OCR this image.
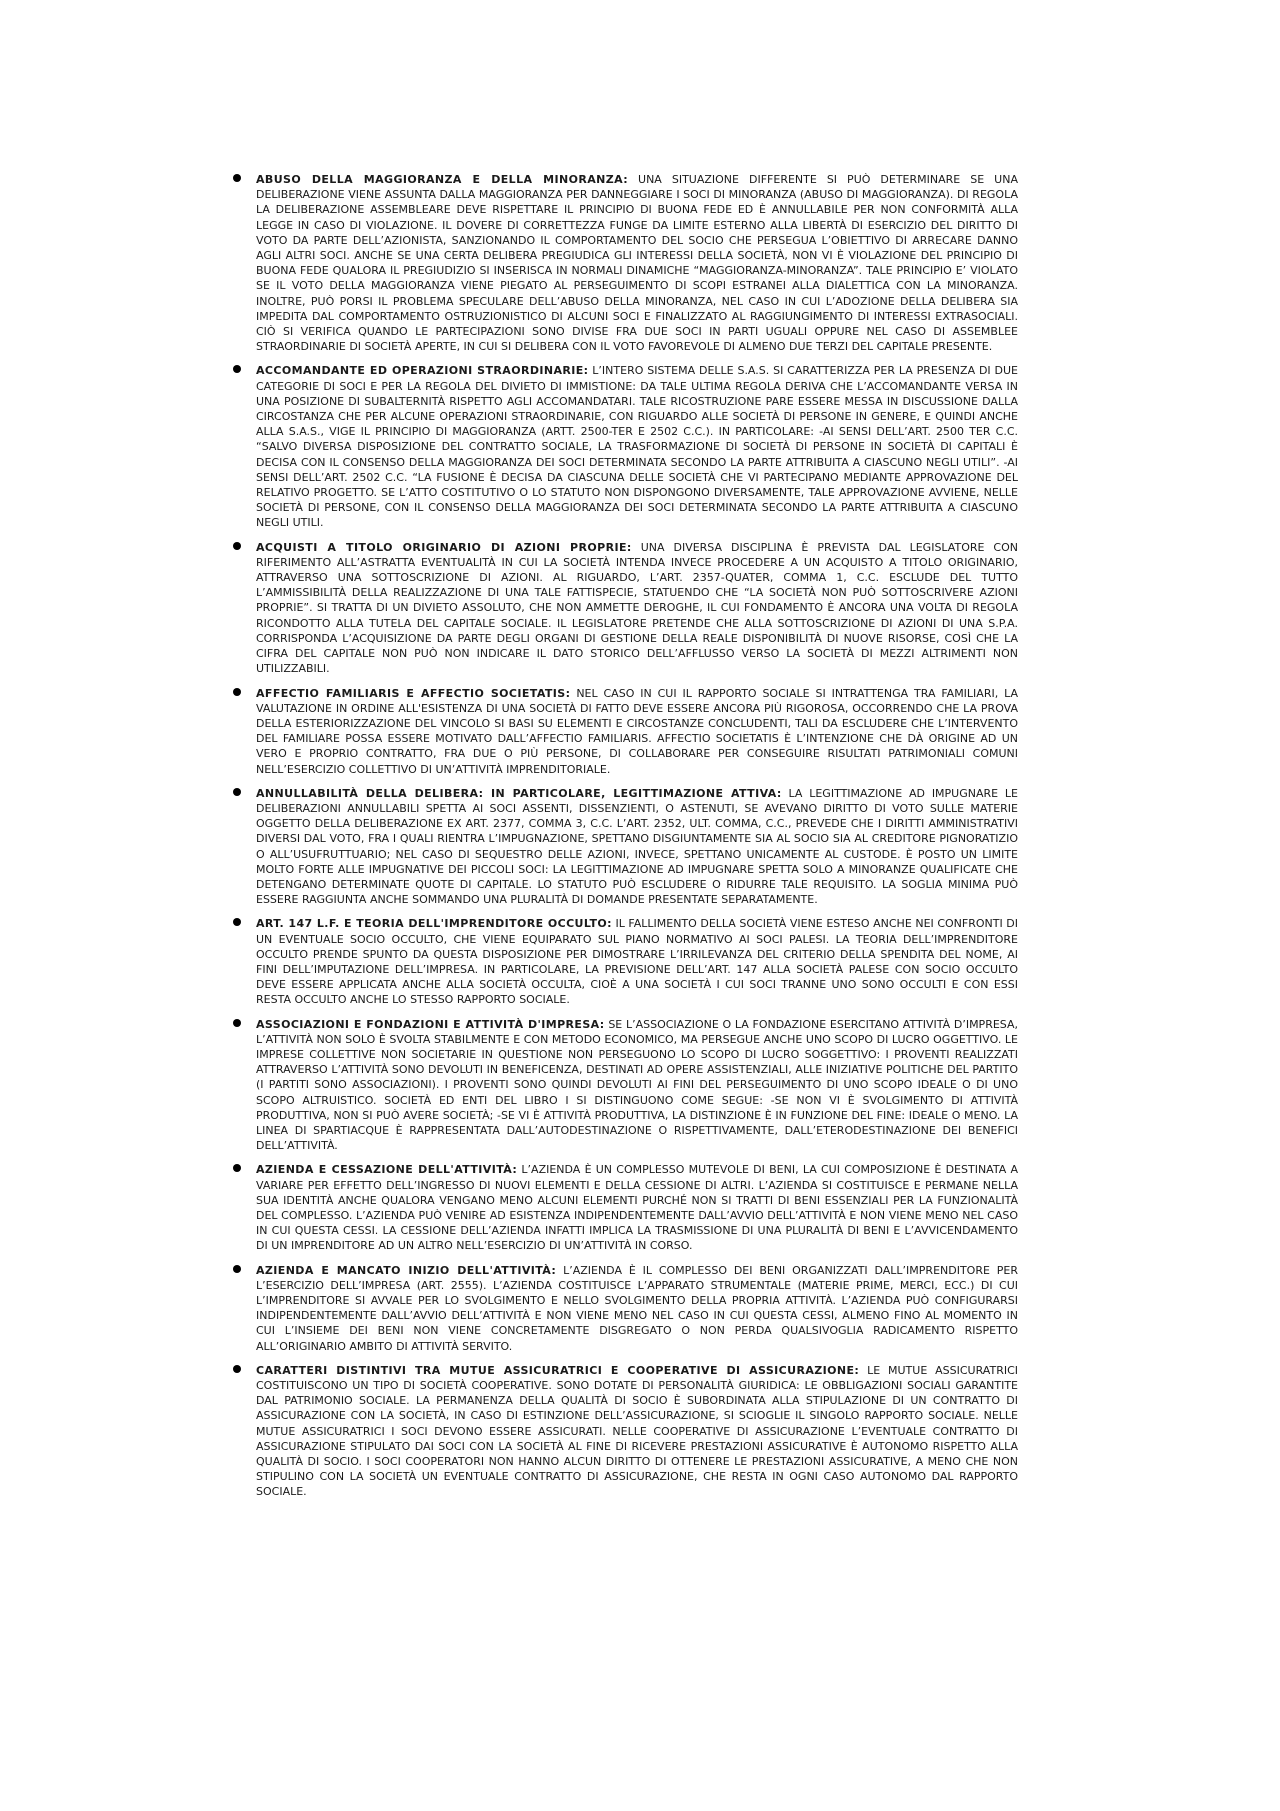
ABUSO DELLA MAGGIORANZA E DELLA MINORANZA: UNA SITUAZIONE DIFFERENTE SI PUÒ DETERMINARE SE UNA DELIBERAZIONE VIENE ASSUNTA DALLA MAGGIORANZA PER DANNEGGIARE I SOCI DI MINORANZA (ABUSO DI MAGGIORANZA). DI REGOLA LA DELIBERAZIONE ASSEMBLEARE DEVE RISPETTARE IL PRINCIPIO DI BUONA FEDE ED È ANNULLABILE PER NON CONFORMITÀ ALLA LEGGE IN CASO DI VIOLAZIONE. IL DOVERE DI CORRETTEZZA FUNGE DA LIMITE ESTERNO ALLA LIBERTÀ DI ESERCIZIO DEL DIRITTO DI VOTO DA PARTE DELL’AZIONISTA, SANZIONANDO IL COMPORTAMENTO DEL SOCIO CHE PERSEGUA L’OBIETTIVO DI ARRECARE DANNO AGLI ALTRI SOCI. ANCHE SE UNA CERTA DELIBERA PREGIUDICA GLI INTERESSI DELLA SOCIETÀ, NON VI È VIOLAZIONE DEL PRINCIPIO DI BUONA FEDE QUALORA IL PREGIUDIZIO SI INSERISCA IN NORMALI DINAMICHE “MAGGIORANZA-MINORANZA”. TALE PRINCIPIO E’ VIOLATO SE IL VOTO DELLA MAGGIORANZA VIENE PIEGATO AL PERSEGUIMENTO DI SCOPI ESTRANEI ALLA DIALETTICA CON LA MINORANZA. INOLTRE, PUÒ PORSI IL PROBLEMA SPECULARE DELL’ABUSO DELLA MINORANZA, NEL CASO IN CUI L’ADOZIONE DELLA DELIBERA SIA IMPEDITA DAL COMPORTAMENTO OSTRUZIONISTICO DI ALCUNI SOCI E FINALIZZATO AL RAGGIUNGIMENTO DI INTERESSI EXTRASOCIALI. CIÒ SI VERIFICA QUANDO LE PARTECIPAZIONI SONO DIVISE FRA DUE SOCI IN PARTI UGUALI OPPURE NEL CASO DI ASSEMBLEE STRAORDINARIE DI SOCIETÀ APERTE, IN CUI SI DELIBERA CON IL VOTO FAVOREVOLE DI ALMENO DUE TERZI DEL CAPITALE PRESENTE.
ACCOMANDANTE ED OPERAZIONI STRAORDINARIE: L’INTERO SISTEMA DELLE S.A.S. SI CARATTERIZZA PER LA PRESENZA DI DUE CATEGORIE DI SOCI E PER LA REGOLA DEL DIVIETO DI IMMISTIONE: DA TALE ULTIMA REGOLA DERIVA CHE L’ACCOMANDANTE VERSA IN UNA POSIZIONE DI SUBALTERNITÀ RISPETTO AGLI ACCOMANDATARI. TALE RICOSTRUZIONE PARE ESSERE MESSA IN DISCUSSIONE DALLA CIRCOSTANZA CHE PER ALCUNE OPERAZIONI STRAORDINARIE, CON RIGUARDO ALLE SOCIETÀ DI PERSONE IN GENERE, E QUINDI ANCHE ALLA S.A.S., VIGE IL PRINCIPIO DI MAGGIORANZA (ARTT. 2500-TER E 2502 C.C.). IN PARTICOLARE: -AI SENSI DELL’ART. 2500 TER C.C. “SALVO DIVERSA DISPOSIZIONE DEL CONTRATTO SOCIALE, LA TRASFORMAZIONE DI SOCIETÀ DI PERSONE IN SOCIETÀ DI CAPITALI È DECISA CON IL CONSENSO DELLA MAGGIORANZA DEI SOCI DETERMINATA SECONDO LA PARTE ATTRIBUITA A CIASCUNO NEGLI UTILI”. -AI SENSI DELL’ART. 2502 C.C. “LA FUSIONE È DECISA DA CIASCUNA DELLE SOCIETÀ CHE VI PARTECIPANO MEDIANTE APPROVAZIONE DEL RELATIVO PROGETTO. SE L’ATTO COSTITUTIVO O LO STATUTO NON DISPONGONO DIVERSAMENTE, TALE APPROVAZIONE AVVIENE, NELLE SOCIETÀ DI PERSONE, CON IL CONSENSO DELLA MAGGIORANZA DEI SOCI DETERMINATA SECONDO LA PARTE ATTRIBUITA A CIASCUNO NEGLI UTILI.
ACQUISTI A TITOLO ORIGINARIO DI AZIONI PROPRIE: UNA DIVERSA DISCIPLINA È PREVISTA DAL LEGISLATORE CON RIFERIMENTO ALL’ASTRATTA EVENTUALITÀ IN CUI LA SOCIETÀ INTENDA INVECE PROCEDERE A UN ACQUISTO A TITOLO ORIGINARIO, ATTRAVERSO UNA SOTTOSCRIZIONE DI AZIONI. AL RIGUARDO, L’ART. 2357-QUATER, COMMA 1, C.C. ESCLUDE DEL TUTTO L’AMMISSIBILITÀ DELLA REALIZZAZIONE DI UNA TALE FATTISPECIE, STATUENDO CHE “LA SOCIETÀ NON PUÒ SOTTOSCRIVERE AZIONI PROPRIE”. SI TRATTA DI UN DIVIETO ASSOLUTO, CHE NON AMMETTE DEROGHE, IL CUI FONDAMENTO È ANCORA UNA VOLTA DI REGOLA RICONDOTTO ALLA TUTELA DEL CAPITALE SOCIALE. IL LEGISLATORE PRETENDE CHE ALLA SOTTOSCRIZIONE DI AZIONI DI UNA S.P.A. CORRISPONDA L’ACQUISIZIONE DA PARTE DEGLI ORGANI DI GESTIONE DELLA REALE DISPONIBILITÀ DI NUOVE RISORSE, COSÌ CHE LA CIFRA DEL CAPITALE NON PUÒ NON INDICARE IL DATO STORICO DELL’AFFLUSSO VERSO LA SOCIETÀ DI MEZZI ALTRIMENTI NON UTILIZZABILI.
AFFECTIO FAMILIARIS E AFFECTIO SOCIETATIS: NEL CASO IN CUI IL RAPPORTO SOCIALE SI INTRATTENGA TRA FAMILIARI, LA VALUTAZIONE IN ORDINE ALL'ESISTENZA DI UNA SOCIETÀ DI FATTO DEVE ESSERE ANCORA PIÙ RIGOROSA, OCCORRENDO CHE LA PROVA DELLA ESTERIORIZZAZIONE DEL VINCOLO SI BASI SU ELEMENTI E CIRCOSTANZE CONCLUDENTI, TALI DA ESCLUDERE CHE L’INTERVENTO DEL FAMILIARE POSSA ESSERE MOTIVATO DALL’AFFECTIO FAMILIARIS. AFFECTIO SOCIETATIS È L’INTENZIONE CHE DÀ ORIGINE AD UN VERO E PROPRIO CONTRATTO, FRA DUE O PIÙ PERSONE, DI COLLABORARE PER CONSEGUIRE RISULTATI PATRIMONIALI COMUNI NELL’ESERCIZIO COLLETTIVO DI UN’ATTIVITÀ IMPRENDITORIALE.
ANNULLABILITÀ DELLA DELIBERA: IN PARTICOLARE, LEGITTIMAZIONE ATTIVA: LA LEGITTIMAZIONE AD IMPUGNARE LE DELIBERAZIONI ANNULLABILI SPETTA AI SOCI ASSENTI, DISSENZIENTI, O ASTENUTI, SE AVEVANO DIRITTO DI VOTO SULLE MATERIE OGGETTO DELLA DELIBERAZIONE EX ART. 2377, COMMA 3, C.C. L’ART. 2352, ULT. COMMA, C.C., PREVEDE CHE I DIRITTI AMMINISTRATIVI DIVERSI DAL VOTO, FRA I QUALI RIENTRA L’IMPUGNAZIONE, SPETTANO DISGIUNTAMENTE SIA AL SOCIO SIA AL CREDITORE PIGNORATIZIO O ALL’USUFRUTTUARIO; NEL CASO DI SEQUESTRO DELLE AZIONI, INVECE, SPETTANO UNICAMENTE AL CUSTODE. È POSTO UN LIMITE MOLTO FORTE ALLE IMPUGNATIVE DEI PICCOLI SOCI: LA LEGITTIMAZIONE AD IMPUGNARE SPETTA SOLO A MINORANZE QUALIFICATE CHE DETENGANO DETERMINATE QUOTE DI CAPITALE. LO STATUTO PUÒ ESCLUDERE O RIDURRE TALE REQUISITO. LA SOGLIA MINIMA PUÒ ESSERE RAGGIUNTA ANCHE SOMMANDO UNA PLURALITÀ DI DOMANDE PRESENTATE SEPARATAMENTE.
ART. 147 L.F. E TEORIA DELL'IMPRENDITORE OCCULTO: IL FALLIMENTO DELLA SOCIETÀ VIENE ESTESO ANCHE NEI CONFRONTI DI UN EVENTUALE SOCIO OCCULTO, CHE VIENE EQUIPARATO SUL PIANO NORMATIVO AI SOCI PALESI. LA TEORIA DELL’IMPRENDITORE OCCULTO PRENDE SPUNTO DA QUESTA DISPOSIZIONE PER DIMOSTRARE L’IRRILEVANZA DEL CRITERIO DELLA SPENDITA DEL NOME, AI FINI DELL’IMPUTAZIONE DELL’IMPRESA. IN PARTICOLARE, LA PREVISIONE DELL’ART. 147 ALLA SOCIETÀ PALESE CON SOCIO OCCULTO DEVE ESSERE APPLICATA ANCHE ALLA SOCIETÀ OCCULTA, CIOÈ A UNA SOCIETÀ I CUI SOCI TRANNE UNO SONO OCCULTI E CON ESSI RESTA OCCULTO ANCHE LO STESSO RAPPORTO SOCIALE.
ASSOCIAZIONI E FONDAZIONI E ATTIVITÀ D'IMPRESA: SE L’ASSOCIAZIONE O LA FONDAZIONE ESERCITANO ATTIVITÀ D’IMPRESA, L’ATTIVITÀ NON SOLO È SVOLTA STABILMENTE E CON METODO ECONOMICO, MA PERSEGUE ANCHE UNO SCOPO DI LUCRO OGGETTIVO. LE IMPRESE COLLETTIVE NON SOCIETARIE IN QUESTIONE NON PERSEGUONO LO SCOPO DI LUCRO SOGGETTIVO: I PROVENTI REALIZZATI ATTRAVERSO L’ATTIVITÀ SONO DEVOLUTI IN BENEFICENZA, DESTINATI AD OPERE ASSISTENZIALI, ALLE INIZIATIVE POLITICHE DEL PARTITO (I PARTITI SONO ASSOCIAZIONI). I PROVENTI SONO QUINDI DEVOLUTI AI FINI DEL PERSEGUIMENTO DI UNO SCOPO IDEALE O DI UNO SCOPO ALTRUISTICO. SOCIETÀ ED ENTI DEL LIBRO I SI DISTINGUONO COME SEGUE: -SE NON VI È SVOLGIMENTO DI ATTIVITÀ PRODUTTIVA, NON SI PUÒ AVERE SOCIETÀ; -SE VI È ATTIVITÀ PRODUTTIVA, LA DISTINZIONE È IN FUNZIONE DEL FINE: IDEALE O MENO. LA LINEA DI SPARTIACQUE È RAPPRESENTATA DALL’AUTODESTINAZIONE O RISPETTIVAMENTE, DALL’ETERODESTINAZIONE DEI BENEFICI DELL’ATTIVITÀ.
AZIENDA E CESSAZIONE DELL'ATTIVITÀ: L’AZIENDA È UN COMPLESSO MUTEVOLE DI BENI, LA CUI COMPOSIZIONE È DESTINATA A VARIARE PER EFFETTO DELL’INGRESSO DI NUOVI ELEMENTI E DELLA CESSIONE DI ALTRI. L’AZIENDA SI COSTITUISCE E PERMANE NELLA SUA IDENTITÀ ANCHE QUALORA VENGANO MENO ALCUNI ELEMENTI PURCHÉ NON SI TRATTI DI BENI ESSENZIALI PER LA FUNZIONALITÀ DEL COMPLESSO. L’AZIENDA PUÒ VENIRE AD ESISTENZA INDIPENDENTEMENTE DALL’AVVIO DELL’ATTIVITÀ E NON VIENE MENO NEL CASO IN CUI QUESTA CESSI. LA CESSIONE DELL’AZIENDA INFATTI IMPLICA LA TRASMISSIONE DI UNA PLURALITÀ DI BENI E L’AVVICENDAMENTO DI UN IMPRENDITORE AD UN ALTRO NELL’ESERCIZIO DI UN’ATTIVITÀ IN CORSO.
AZIENDA E MANCATO INIZIO DELL'ATTIVITÀ: L’AZIENDA È IL COMPLESSO DEI BENI ORGANIZZATI DALL’IMPRENDITORE PER L’ESERCIZIO DELL’IMPRESA (ART. 2555). L’AZIENDA COSTITUISCE L’APPARATO STRUMENTALE (MATERIE PRIME, MERCI, ECC.) DI CUI L’IMPRENDITORE SI AVVALE PER LO SVOLGIMENTO E NELLO SVOLGIMENTO DELLA PROPRIA ATTIVITÀ. L’AZIENDA PUÒ CONFIGURARSI INDIPENDENTEMENTE DALL’AVVIO DELL’ATTIVITÀ E NON VIENE MENO NEL CASO IN CUI QUESTA CESSI, ALMENO FINO AL MOMENTO IN CUI L’INSIEME DEI BENI NON VIENE CONCRETAMENTE DISGREGATO O NON PERDA QUALSIVOGLIA RADICAMENTO RISPETTO ALL’ORIGINARIO AMBITO DI ATTIVITÀ SERVITO.
CARATTERI DISTINTIVI TRA MUTUE ASSICURATRICI E COOPERATIVE DI ASSICURAZIONE: LE MUTUE ASSICURATRICI COSTITUISCONO UN TIPO DI SOCIETÀ COOPERATIVE. SONO DOTATE DI PERSONALITÀ GIURIDICA: LE OBBLIGAZIONI SOCIALI GARANTITE DAL PATRIMONIO SOCIALE. LA PERMANENZA DELLA QUALITÀ DI SOCIO È SUBORDINATA ALLA STIPULAZIONE DI UN CONTRATTO DI ASSICURAZIONE CON LA SOCIETÀ, IN CASO DI ESTINZIONE DELL’ASSICURAZIONE, SI SCIOGLIE IL SINGOLO RAPPORTO SOCIALE. NELLE MUTUE ASSICURATRICI I SOCI DEVONO ESSERE ASSICURATI. NELLE COOPERATIVE DI ASSICURAZIONE L’EVENTUALE CONTRATTO DI ASSICURAZIONE STIPULATO DAI SOCI CON LA SOCIETÀ AL FINE DI RICEVERE PRESTAZIONI ASSICURATIVE È AUTONOMO RISPETTO ALLA QUALITÀ DI SOCIO. I SOCI COOPERATORI NON HANNO ALCUN DIRITTO DI OTTENERE LE PRESTAZIONI ASSICURATIVE, A MENO CHE NON STIPULINO CON LA SOCIETÀ UN EVENTUALE CONTRATTO DI ASSICURAZIONE, CHE RESTA IN OGNI CASO AUTONOMO DAL RAPPORTO SOCIALE.
